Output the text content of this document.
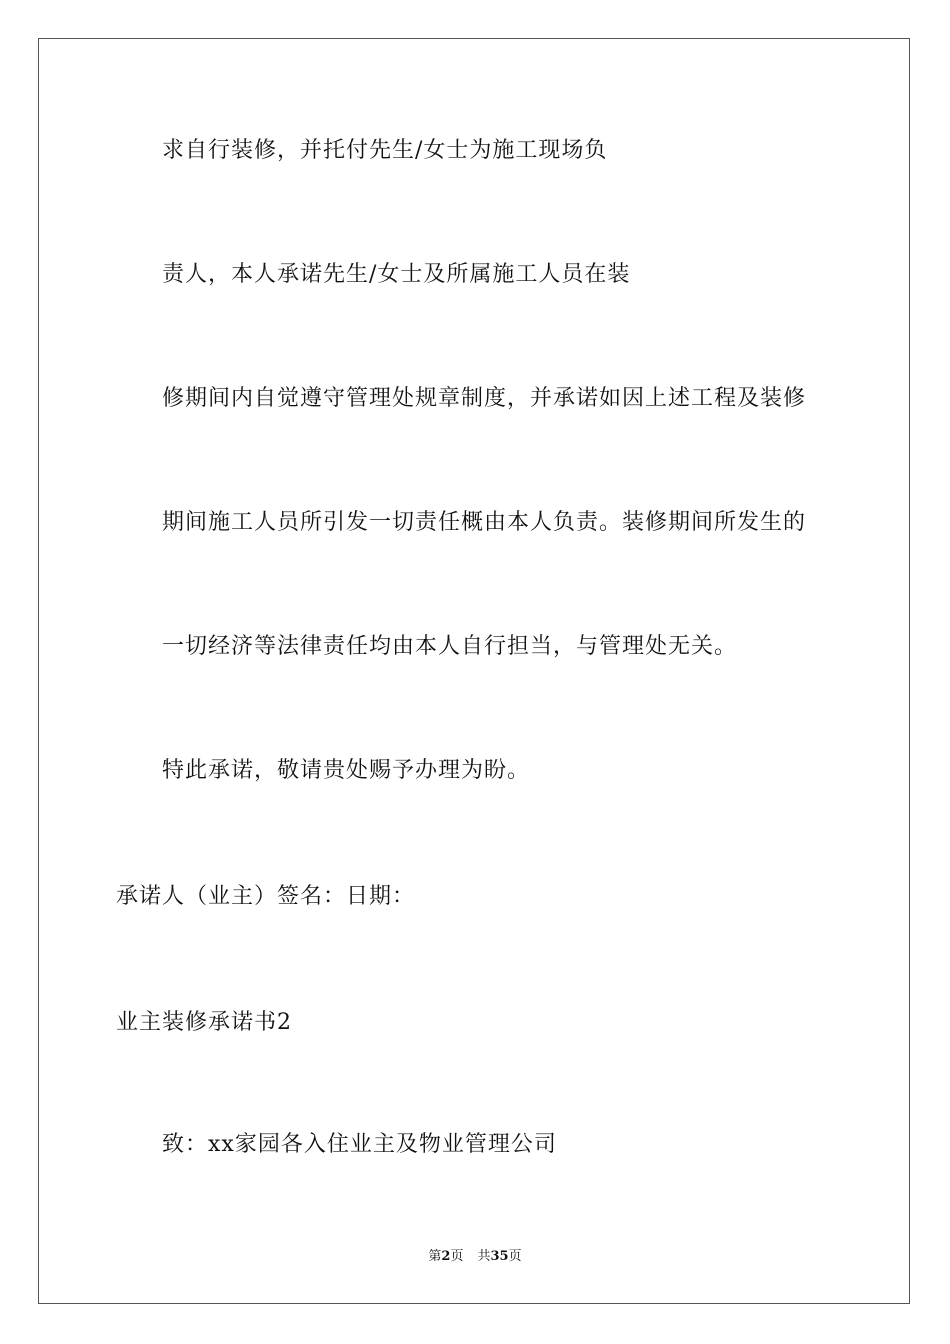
求自行装修，并托付先生/女士为施工现场负
责人，本人承诺先生/女士及所属施工人员在装
修期间内自觉遵守管理处规章制度，并承诺如因上述工程及装修
期间施工人员所引发一切责任概由本人负责。装修期间所发生的
一切经济等法律责任均由本人自行担当，与管理处无关。
特此承诺，敬请贵处赐予办理为盼。
承诺人（业主）签名：日期：
业主装修承诺书2
致：xx家园各入住业主及物业管理公司
第2页 共35页
